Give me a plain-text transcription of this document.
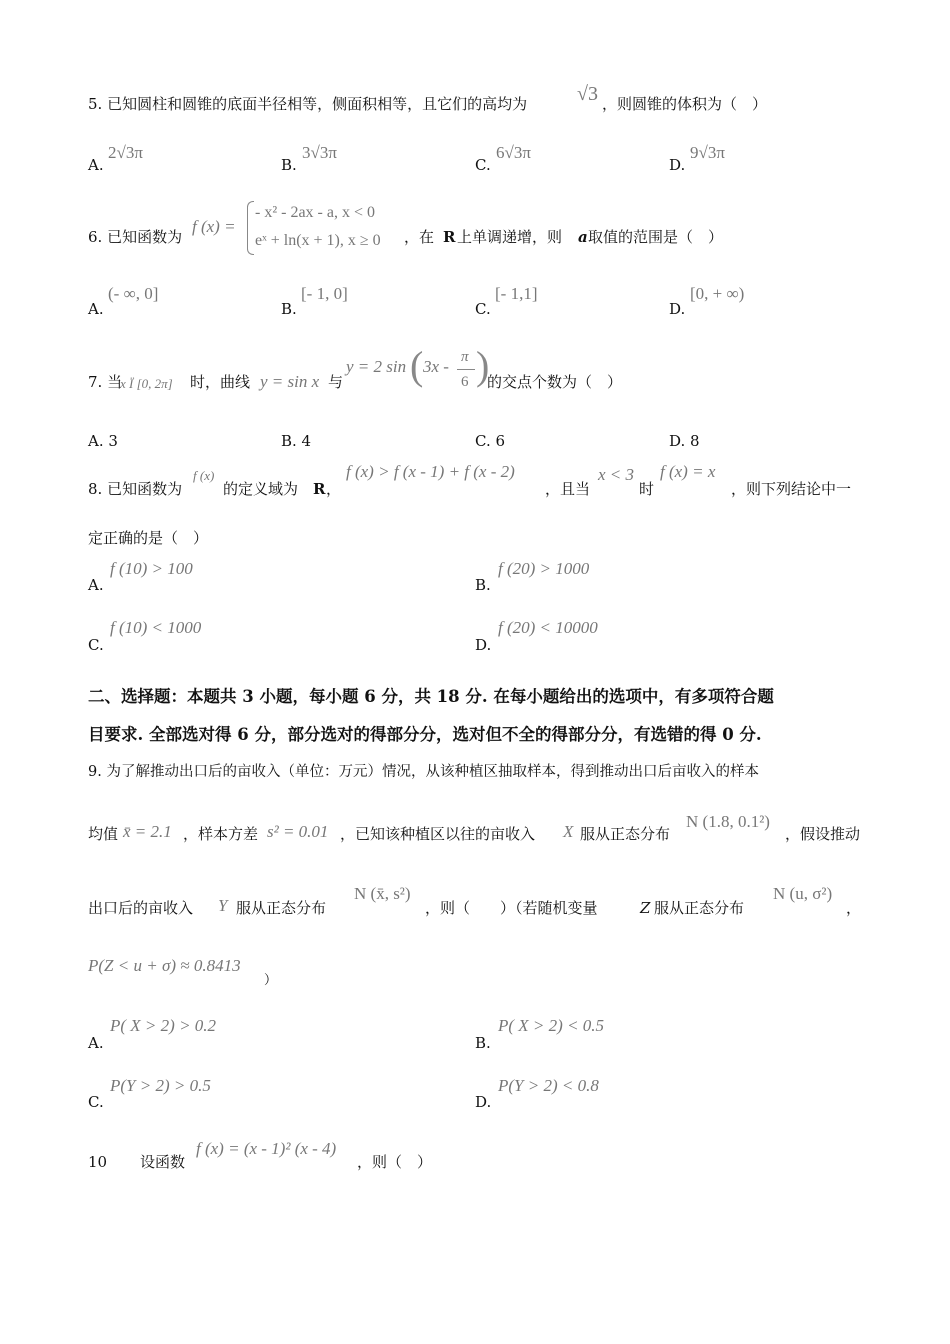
5. 已知圆柱和圆锥的底面半径相等，侧面积相等，且它们的高均为 √3 ，则圆锥的体积为（　）
A.
2√3π
B.
3√3π
C.
6√3π
D.
9√3π
6. 已知函数为
f (x) =
- x² - 2ax - a, x < 0
eˣ + ln(x + 1), x ≥ 0 ，在 R 上单调递增，则 a 取值的范围是（　）
A.
(- ∞, 0]
B.
[- 1, 0]
C.
[- 1,1]
D.
[0, + ∞)
7. 当
x Ï [0, 2π] 时，曲线 y = sin x 与
y = 2 sin ( 3x - π
6 )
的交点个数为（　）
A. 3	B. 4	C. 6	D. 8
8. 已知函数为
f (x)
的定义域为 R ，
f (x) > f (x - 1) + f (x - 2)
，且当
x < 3
时
f (x) = x
，则下列结论中一
定正确的是（　）
A.
f (10) > 100
B.
f (20) > 1000
C.
f (10) < 1000
D.
f (20) < 10000
二、选择题：本题共 3 小题，每小题 6 分，共 18 分. 在每小题给出的选项中，有多项符合题
目要求. 全部选对得 6 分，部分选对的得部分分，选对但不全的得部分分，有选错的得 0 分.
9. 为了解推动出口后的亩收入（单位：万元）情况，从该种植区抽取样本，得到推动出口后亩收入的样本
均值 x̄ = 2.1 ，样本方差 s² = 0.01 ，已知该种植区以往的亩收入 X 服从正态分布
N (1.8, 0.1²)
，假设推动
出口后的亩收入 Y 服从正态分布
N (x̄, s²)
，则（　　）（若随机变量	Z 服从正态分布
N (u, σ²)
，
P(Z < u + σ) ≈ 0.8413
）
A.
P( X > 2) > 0.2
B.
P( X > 2) < 0.5
C.
P(Y > 2) > 0.5
D.
P(Y > 2) < 0.8
10 设函数
f (x) = (x - 1)² (x - 4)
，则（　）
